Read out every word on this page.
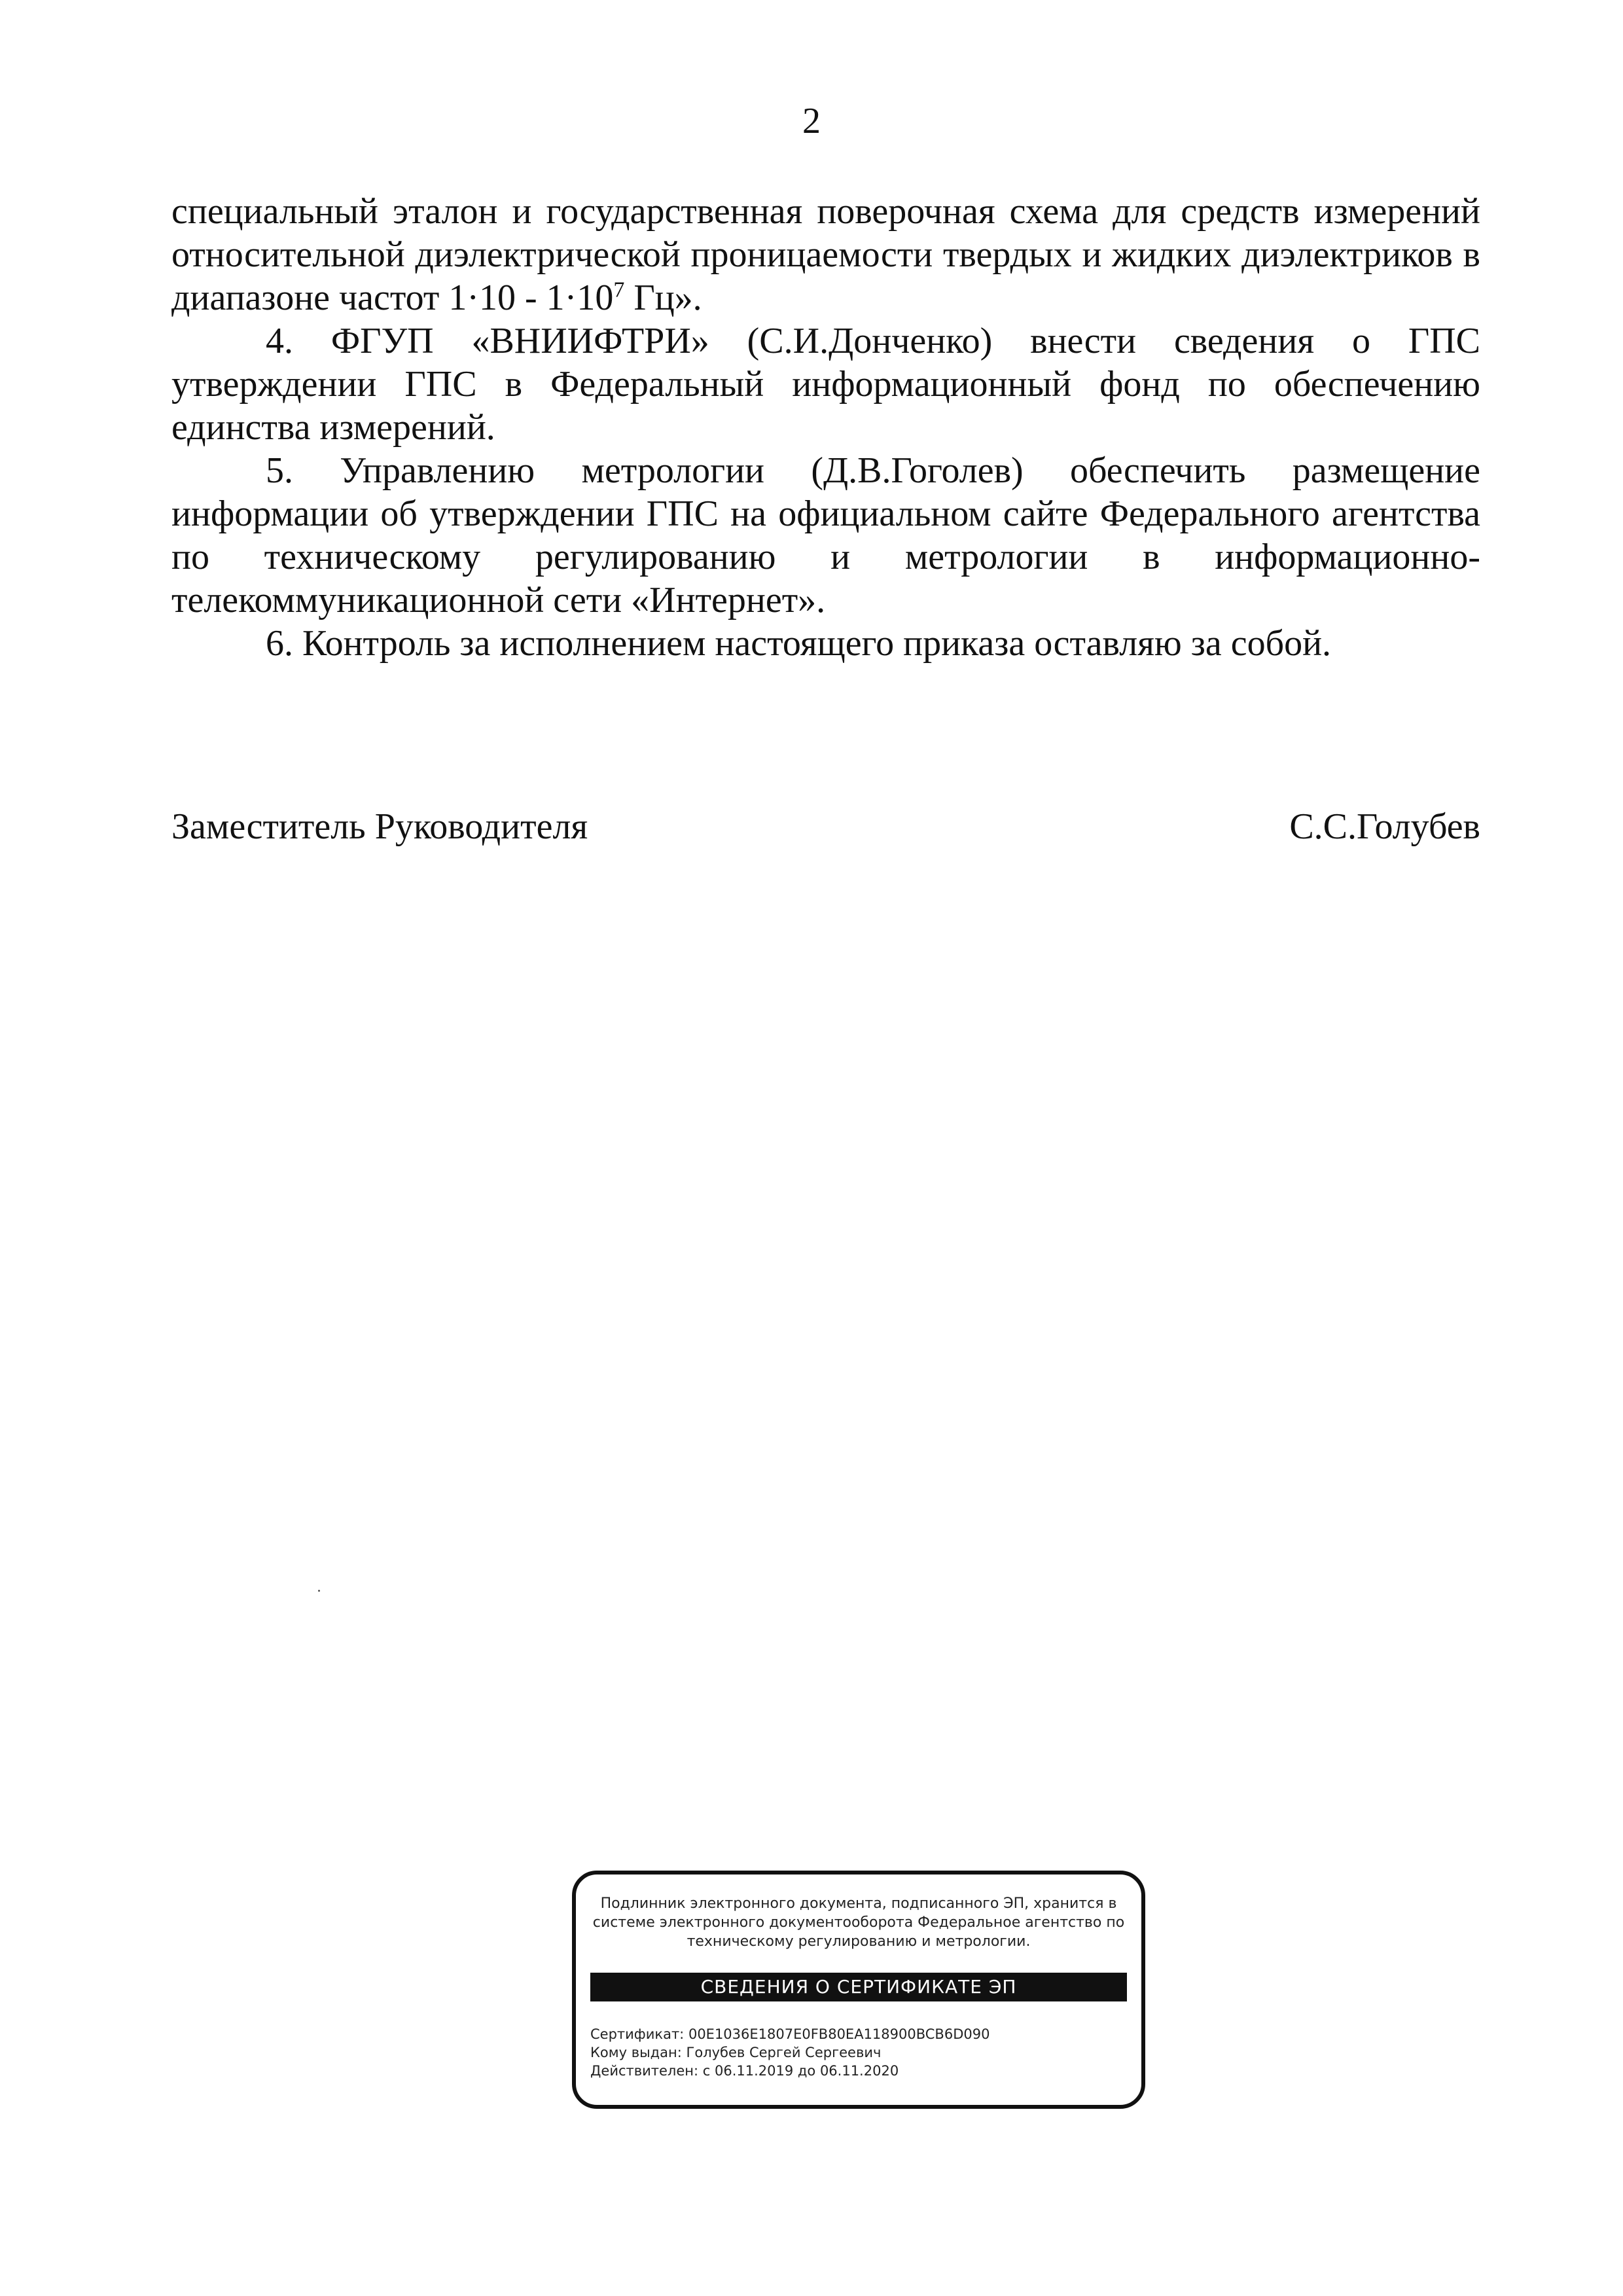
2

специальный эталон и государственная поверочная схема для средств измерений относительной диэлектрической проницаемости твердых и жидких диэлектриков в диапазоне частот $1\cdot 10 - 1\cdot 10^7$ Гц».

4. ФГУП «ВНИИФТРИ» (С.И.Донченко) внести сведения о ГПС утверждении ГПС в Федеральный информационный фонд по обеспечению единства измерений.

5. Управлению метрологии (Д.В.Гоголев) обеспечить размещение информации об утверждении ГПС на официальном сайте Федерального агентства по техническому регулированию и метрологии в информационно-телекоммуникационной сети «Интернет».

6. Контроль за исполнением настоящего приказа оставляю за собой.

Заместитель Руководителя	С.С.Голубев
Подлинник электронного документа, подписанного ЭП, хранится в системе электронного документооборота Федеральное агентство по техническому регулированию и метрологии.
СВЕДЕНИЯ О СЕРТИФИКАТЕ ЭП
Сертификат: 00E1036E1807E0FB80EA118900BCB6D090
Кому выдан: Голубев Сергей Сергеевич
Действителен: с 06.11.2019 до 06.11.2020
